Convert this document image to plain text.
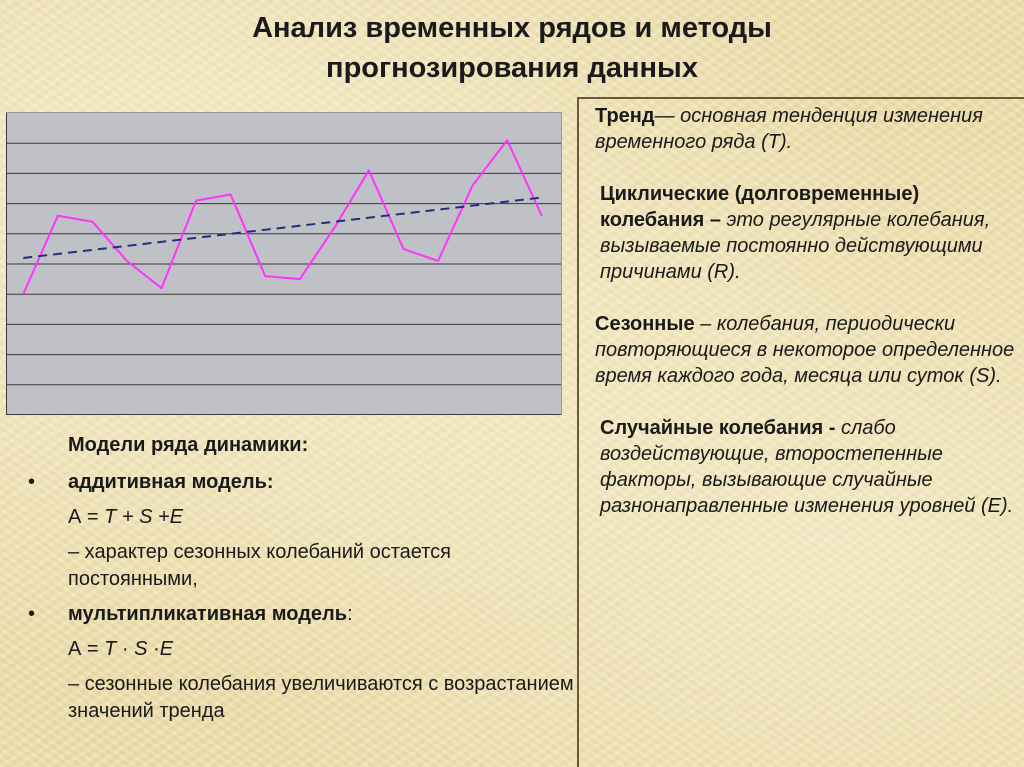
Анализ временных рядов и методы
прогнозирования данных

Тренд— основная тенденция изменения временного ряда (Т).

Циклические (долговременные) колебания – это регулярные колебания, вызываемые постоянно действующими причинами (R).

Сезонные – колебания, периодически повторяющиеся в некоторое определенное время каждого года, месяца или суток (S).

Случайные колебания - слабо воздействующие, второстепенные факторы, вызывающие случайные разнонаправленные изменения уровней (Е).

Модели ряда динамики:
• аддитивная модель:
А = T + S +E
– характер сезонных колебаний остается постоянными,
• мультипликативная модель:
А = T · S ·E
– сезонные колебания увеличиваются с возрастанием значений тренда
